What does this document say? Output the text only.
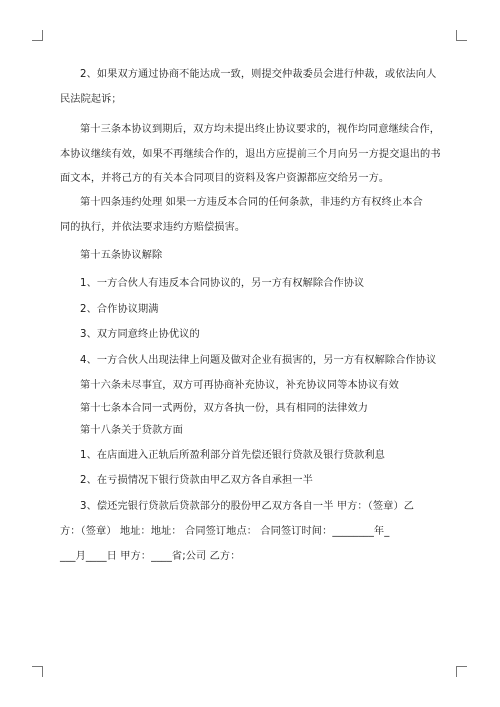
2、如果双方通过协商不能达成一致，则提交仲裁委员会进行仲裁，或依法向人
民法院起诉；
第十三条本协议到期后，双方均未提出终止协议要求的，视作均同意继续合作，
本协议继续有效，如果不再继续合作的，退出方应提前三个月向另一方提交退出的书
面文本，并将己方的有关本合同项目的资料及客户资源都应交给另一方。
第十四条违约处理 如果一方违反本合同的任何条款，非违约方有权终止本合
同的执行，并依法要求违约方赔偿损害。
第十五条协议解除
1、一方合伙人有违反本合同协议的，另一方有权解除合作协议
2、合作协议期满
3、双方同意终止协优议的
4、一方合伙人出现法律上问题及做对企业有损害的，另一方有权解除合作协议
第十六条未尽事宜，双方可再协商补充协议，补充协议同等本协议有效
第十七条本合同一式两份，双方各执一份，具有相同的法律效力
第十八条关于贷款方面
1、在店面进入正轨后所盈利部分首先偿还银行贷款及银行贷款利息
2、在亏损情况下银行贷款由甲乙双方各自承担一半
3、偿还完银行贷款后贷款部分的股份甲乙双方各自一半 甲方：（签章）乙
方：（签章） 地址：地址： 合同签订地点： 合同签订时间：________年_
___月____日 甲方：____省;公司 乙方：
